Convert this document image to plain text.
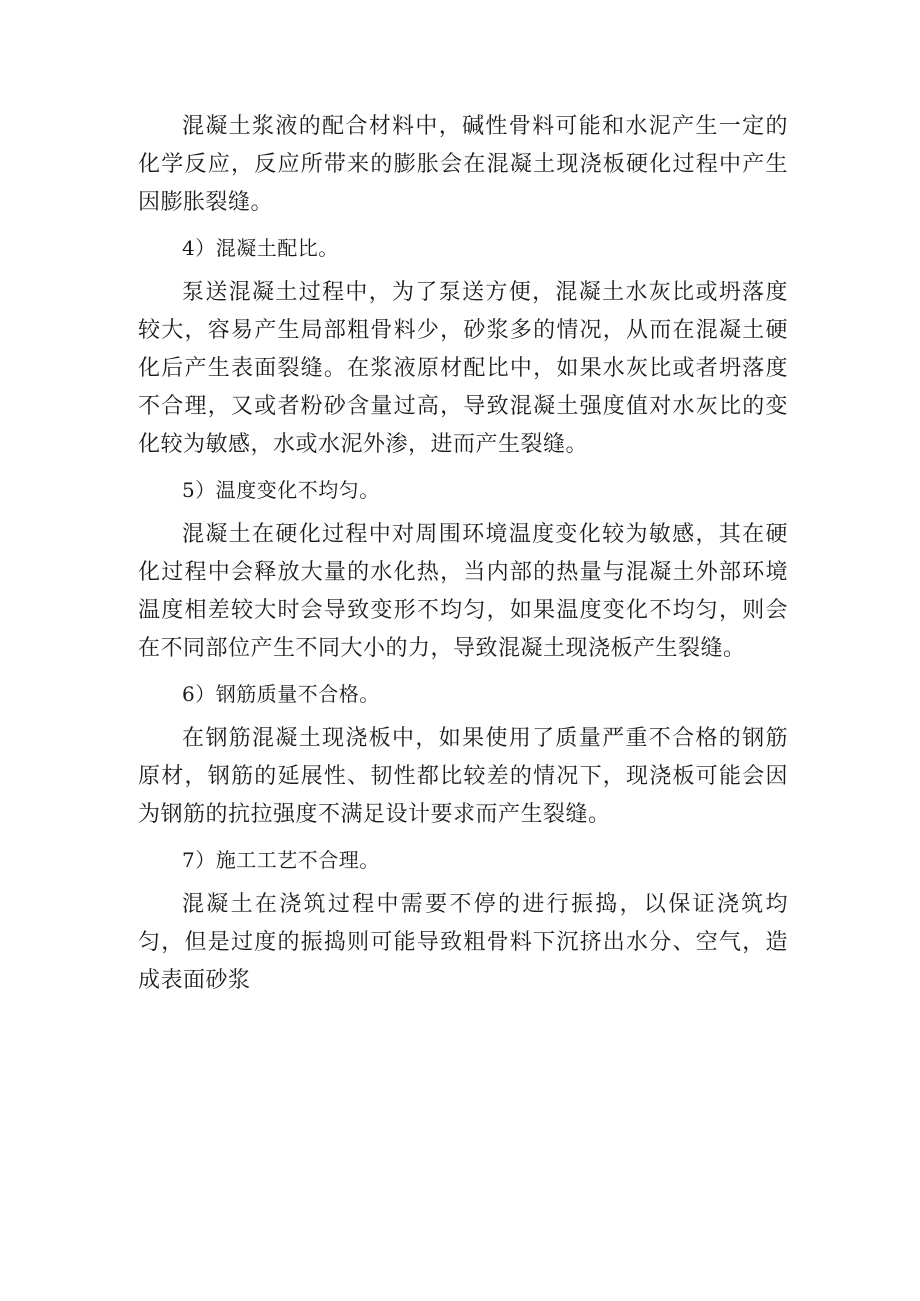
混凝土浆液的配合材料中，碱性骨料可能和水泥产生一定的化学反应，反应所带来的膨胀会在混凝土现浇板硬化过程中产生因膨胀裂缝。

4）混凝土配比。

泵送混凝土过程中，为了泵送方便，混凝土水灰比或坍落度较大，容易产生局部粗骨料少，砂浆多的情况，从而在混凝土硬化后产生表面裂缝。在浆液原材配比中，如果水灰比或者坍落度不合理，又或者粉砂含量过高，导致混凝土强度值对水灰比的变化较为敏感，水或水泥外渗，进而产生裂缝。

5）温度变化不均匀。

混凝土在硬化过程中对周围环境温度变化较为敏感，其在硬化过程中会释放大量的水化热，当内部的热量与混凝土外部环境温度相差较大时会导致变形不均匀，如果温度变化不均匀，则会在不同部位产生不同大小的力，导致混凝土现浇板产生裂缝。

6）钢筋质量不合格。

在钢筋混凝土现浇板中，如果使用了质量严重不合格的钢筋原材，钢筋的延展性、韧性都比较差的情况下，现浇板可能会因为钢筋的抗拉强度不满足设计要求而产生裂缝。

7）施工工艺不合理。

混凝土在浇筑过程中需要不停的进行振捣，以保证浇筑均匀，但是过度的振捣则可能导致粗骨料下沉挤出水分、空气，造成表面砂浆
